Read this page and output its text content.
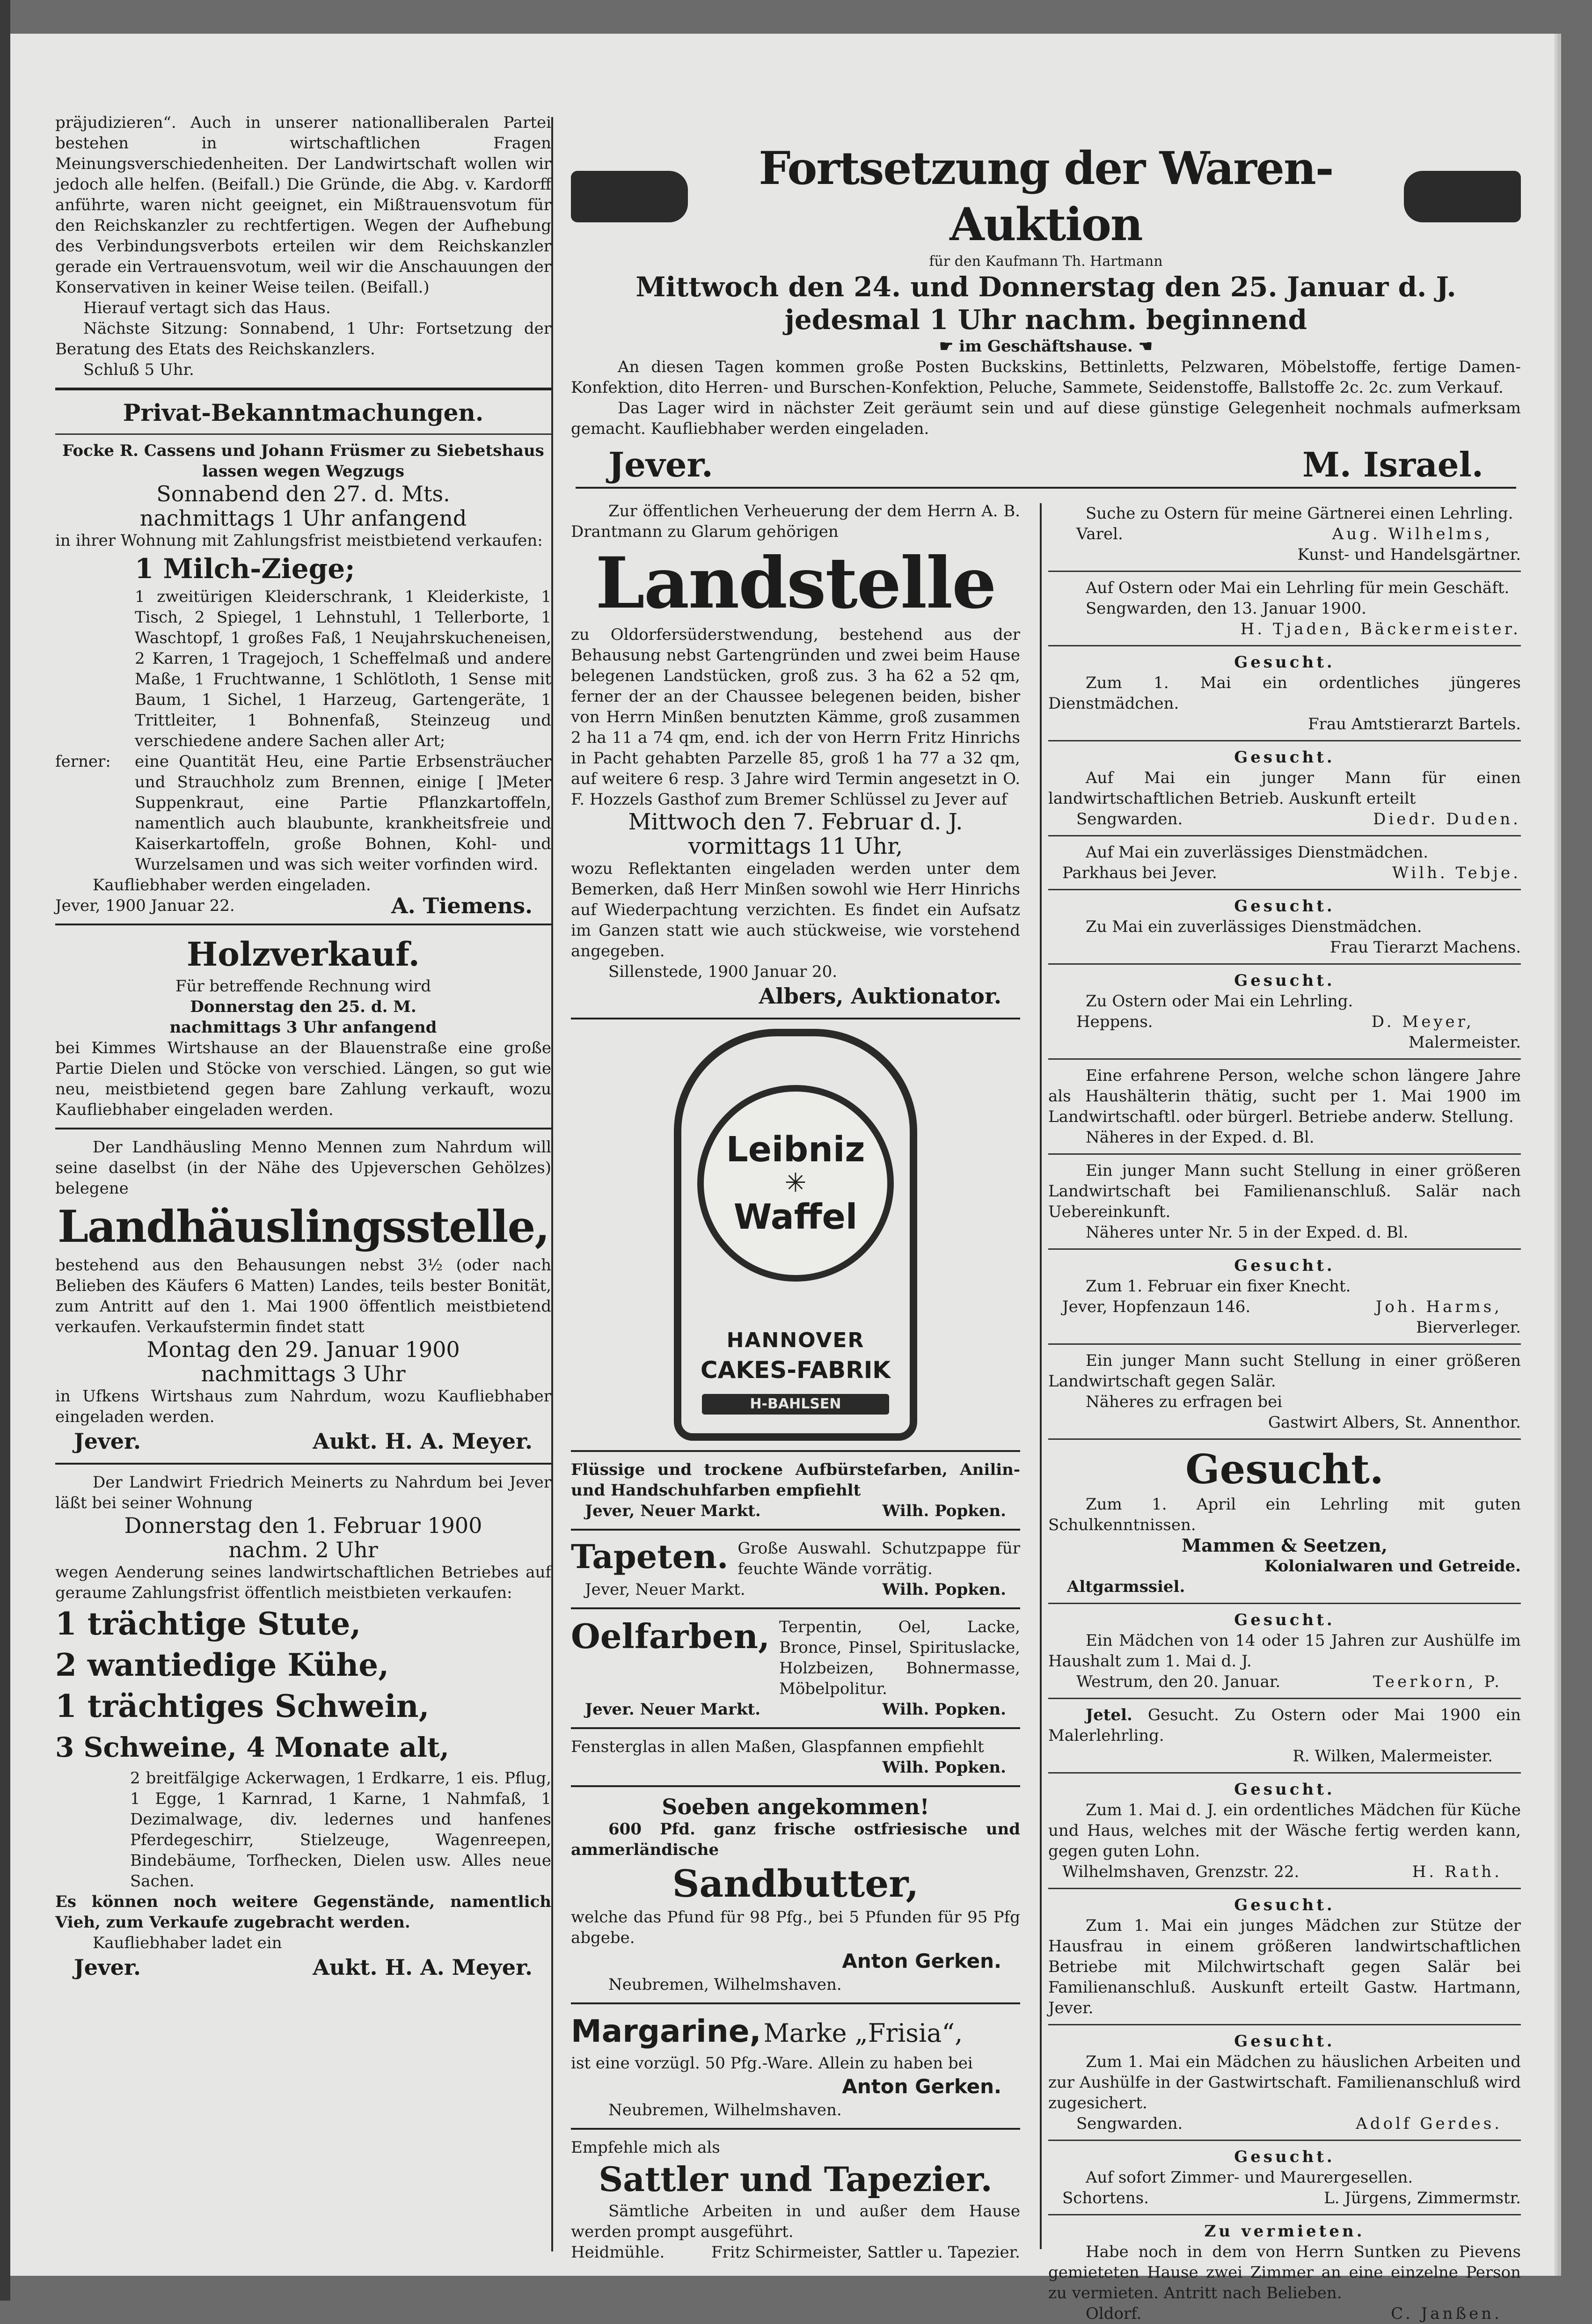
präjudizieren“. Auch in unserer nationalliberalen Partei bestehen in wirtschaftlichen Fragen Meinungsverschiedenheiten. Der Landwirtschaft wollen wir jedoch alle helfen. (Beifall.) Die Gründe, die Abg. v. Kardorff anführte, waren nicht geeignet, ein Mißtrauensvotum für den Reichskanzler zu rechtfertigen. Wegen der Aufhebung des Verbindungsverbots erteilen wir dem Reichskanzler gerade ein Vertrauensvotum, weil wir die Anschauungen der Konservativen in keiner Weise teilen. (Beifall.)

Hierauf vertagt sich das Haus.

Nächste Sitzung: Sonnabend, 1 Uhr: Fortsetzung der Beratung des Etats des Reichskanzlers.

Schluß 5 Uhr.

Privat-Bekanntmachungen.

Focke R. Cassens und Johann Früsmer zu Siebetshaus lassen wegen Wegzugs

Sonnabend den 27. d. Mts.

nachmittags 1 Uhr anfangend

in ihrer Wohnung mit Zahlungsfrist meistbietend verkaufen:

1 Milch-Ziege;

1 zweitürigen Kleiderschrank, 1 Kleiderkiste, 1 Tisch, 2 Spiegel, 1 Lehnstuhl, 1 Tellerborte, 1 Waschtopf, 1 großes Faß, 1 Neujahrskucheneisen, 2 Karren, 1 Tragejoch, 1 Scheffelmaß und andere Maße, 1 Fruchtwanne, 1 Schlötloth, 1 Sense mit Baum, 1 Sichel, 1 Harzeug, Gartengeräte, 1 Trittleiter, 1 Bohnenfaß, Steinzeug und verschiedene andere Sachen aller Art;

ferner:	eine Quantität Heu, eine Partie Erbsensträucher und Strauchholz zum Brennen, einige [ ]Meter Suppenkraut, eine Partie Pflanzkartoffeln, namentlich auch blaubunte, krankheitsfreie und Kaiserkartoffeln, große Bohnen, Kohl- und Wurzelsamen und was sich weiter vorfinden wird.

Kaufliebhaber werden eingeladen.

Jever, 1900 Januar 22.	A. Tiemens.

Holzverkauf.

Für betreffende Rechnung wird

Donnerstag den 25. d. M.

nachmittags 3 Uhr anfangend

bei Kimmes Wirtshause an der Blauenstraße eine große Partie Dielen und Stöcke von verschied. Längen, so gut wie neu, meistbietend gegen bare Zahlung verkauft, wozu Kaufliebhaber eingeladen werden.

Der Landhäusling Menno Mennen zum Nahrdum will seine daselbst (in der Nähe des Upjeverschen Gehölzes) belegene

Landhäuslingsstelle,

bestehend aus den Behausungen nebst 3½ (oder nach Belieben des Käufers 6 Matten) Landes, teils bester Bonität, zum Antritt auf den 1. Mai 1900 öffentlich meistbietend verkaufen. Verkaufstermin findet statt

Montag den 29. Januar 1900

nachmittags 3 Uhr

in Ufkens Wirtshaus zum Nahrdum, wozu Kaufliebhaber eingeladen werden.

Jever.	Aukt. H. A. Meyer.

Der Landwirt Friedrich Meinerts zu Nahrdum bei Jever läßt bei seiner Wohnung

Donnerstag den 1. Februar 1900

nachm. 2 Uhr

wegen Aenderung seines landwirtschaftlichen Betriebes auf geraume Zahlungsfrist öffentlich meistbieten verkaufen:

1 trächtige Stute,

2 wantiedige Kühe,

1 trächtiges Schwein,

3 Schweine, 4 Monate alt,

2 breitfälgige Ackerwagen, 1 Erdkarre, 1 eis. Pflug, 1 Egge, 1 Karnrad, 1 Karne, 1 Nahmfaß, 1 Dezimalwage, div. ledernes und hanfenes Pferdegeschirr, Stielzeuge, Wagenreepen, Bindebäume, Torfhecken, Dielen usw. Alles neue Sachen.

Es können noch weitere Gegenstände, namentlich Vieh, zum Verkaufe zugebracht werden.

Kaufliebhaber ladet ein

Jever.	Aukt. H. A. Meyer.
Fortsetzung der Waren-Auktion

für den Kaufmann Th. Hartmann

Mittwoch den 24. und Donnerstag den 25. Januar d. J.

jedesmal 1 Uhr nachm. beginnend

☛ im Geschäftshause. ☚

An diesen Tagen kommen große Posten Buckskins, Bettinletts, Pelzwaren, Möbelstoffe, fertige Damen-Konfektion, dito Herren- und Burschen-Konfektion, Peluche, Sammete, Seidenstoffe, Ballstoffe 2c. 2c. zum Verkauf.

Das Lager wird in nächster Zeit geräumt sein und auf diese günstige Gelegenheit nochmals aufmerksam gemacht. Kaufliebhaber werden eingeladen.

Jever.	M. Israel.

Zur öffentlichen Verheuerung der dem Herrn A. B. Drantmann zu Glarum gehörigen

Landstelle

zu Oldorfersüderstwendung, bestehend aus der Behausung nebst Gartengründen und zwei beim Hause belegenen Landstücken, groß zus. 3 ha 62 a 52 qm, ferner der an der Chaussee belegenen beiden, bisher von Herrn Minßen benutzten Kämme, groß zusammen 2 ha 11 a 74 qm, end. ich der von Herrn Fritz Hinrichs in Pacht gehabten Parzelle 85, groß 1 ha 77 a 32 qm, auf weitere 6 resp. 3 Jahre wird Termin angesetzt in O. F. Hozzels Gasthof zum Bremer Schlüssel zu Jever auf

Mittwoch den 7. Februar d. J.

vormittags 11 Uhr,

wozu Reflektanten eingeladen werden unter dem Bemerken, daß Herr Minßen sowohl wie Herr Hinrichs auf Wiederpachtung verzichten. Es findet ein Aufsatz im Ganzen statt wie auch stückweise, wie vorstehend angegeben.

Sillenstede, 1900 Januar 20.

Albers, Auktionator.

Leibniz
✳
Waffel
HANNOVER
CAKES-FABRIK
H-BAHLSEN

Flüssige und trockene Aufbürstefarben, Anilin- und Handschuhfarben empfiehlt

Jever, Neuer Markt.	Wilh. Popken.
Tapeten. Große Auswahl. Schutzpappe für feuchte Wände vorrätig.
Jever, Neuer Markt.	Wilh. Popken.
Oelfarben, Terpentin, Oel, Lacke, Bronce, Pinsel, Spirituslacke, Holzbeizen, Bohnermasse, Möbelpolitur.
Jever. Neuer Markt.	Wilh. Popken.

Fensterglas in allen Maßen, Glaspfannen empfiehlt

Wilh. Popken.

Soeben angekommen!

600 Pfd. ganz frische ostfriesische und ammerländische

Sandbutter,

welche das Pfund für 98 Pfg., bei 5 Pfunden für 95 Pfg abgebe.

Anton Gerken.

Neubremen, Wilhelmshaven.

Margarine, Marke „Frisia“,

ist eine vorzügl. 50 Pfg.-Ware. Allein zu haben bei

Anton Gerken.

Neubremen, Wilhelmshaven.

Empfehle mich als

Sattler und Tapezier.

Sämtliche Arbeiten in und außer dem Hause werden prompt ausgeführt.

Heidmühle.	Fritz Schirmeister, Sattler u. Tapezier.

Suche zu Ostern für meine Gärtnerei einen Lehrling.

Varel.	Aug. Wilhelms,

Kunst- und Handelsgärtner.

Auf Ostern oder Mai ein Lehrling für mein Geschäft.

Sengwarden, den 13. Januar 1900.

H. Tjaden, Bäckermeister.

Gesucht.

Zum 1. Mai ein ordentliches jüngeres Dienstmädchen.

Frau Amtstierarzt Bartels.

Gesucht.

Auf Mai ein junger Mann für einen landwirtschaftlichen Betrieb. Auskunft erteilt

Sengwarden.	Diedr. Duden.

Auf Mai ein zuverlässiges Dienstmädchen.

Parkhaus bei Jever.	Wilh. Tebje.

Gesucht.

Zu Mai ein zuverlässiges Dienstmädchen.

Frau Tierarzt Machens.

Gesucht.

Zu Ostern oder Mai ein Lehrling.

Heppens.	D. Meyer,

Malermeister.

Eine erfahrene Person, welche schon längere Jahre als Haushälterin thätig, sucht per 1. Mai 1900 im Landwirtschaftl. oder bürgerl. Betriebe anderw. Stellung.

Näheres in der Exped. d. Bl.

Ein junger Mann sucht Stellung in einer größeren Landwirtschaft bei Familienanschluß. Salär nach Uebereinkunft.

Näheres unter Nr. 5 in der Exped. d. Bl.

Gesucht.

Zum 1. Februar ein fixer Knecht.

Jever, Hopfenzaun 146.	Joh. Harms,

Bierverleger.

Ein junger Mann sucht Stellung in einer größeren Landwirtschaft gegen Salär.

Näheres zu erfragen bei

Gastwirt Albers, St. Annenthor.

Gesucht.

Zum 1. April ein Lehrling mit guten Schulkenntnissen.

Mammen & Seetzen,

Kolonialwaren und Getreide.

Altgarmssiel.

Gesucht.

Ein Mädchen von 14 oder 15 Jahren zur Aushülfe im Haushalt zum 1. Mai d. J.

Westrum, den 20. Januar.	Teerkorn, P.

Jetel. Gesucht. Zu Ostern oder Mai 1900 ein Malerlehrling.

R. Wilken, Malermeister.

Gesucht.

Zum 1. Mai d. J. ein ordentliches Mädchen für Küche und Haus, welches mit der Wäsche fertig werden kann, gegen guten Lohn.

Wilhelmshaven, Grenzstr. 22.	H. Rath.

Gesucht.

Zum 1. Mai ein junges Mädchen zur Stütze der Hausfrau in einem größeren landwirtschaftlichen Betriebe mit Milchwirtschaft gegen Salär bei Familienanschluß. Auskunft erteilt Gastw. Hartmann, Jever.

Gesucht.

Zum 1. Mai ein Mädchen zu häuslichen Arbeiten und zur Aushülfe in der Gastwirtschaft. Familienanschluß wird zugesichert.

Sengwarden.	Adolf Gerdes.

Gesucht.

Auf sofort Zimmer- und Maurergesellen.

Schortens.	L. Jürgens, Zimmermstr.

Zu vermieten.

Habe noch in dem von Herrn Suntken zu Pievens gemieteten Hause zwei Zimmer an eine einzelne Person zu vermieten. Antritt nach Belieben.

Oldorf.	C. Janßen.
